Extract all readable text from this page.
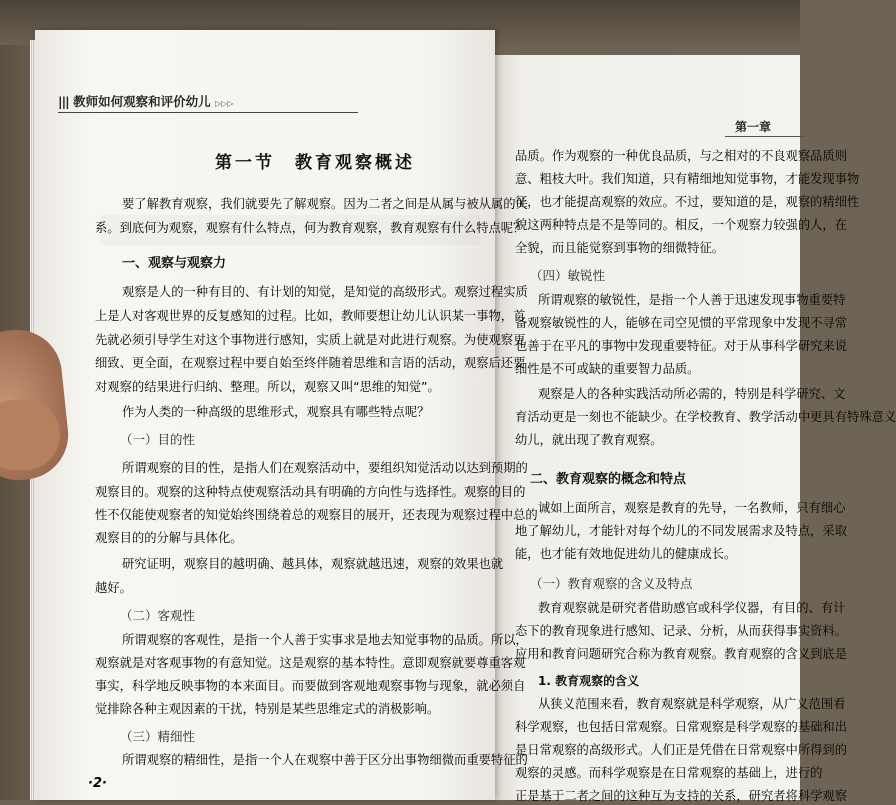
||| 教师如何观察和评价幼儿 ▷▷▷
第一节　教育观察概述
要了解教育观察，我们就要先了解观察。因为二者之间是从属与被从属的关
系。到底何为观察，观察有什么特点，何为教育观察，教育观察有什么特点呢？
一、观察与观察力
观察是人的一种有目的、有计划的知觉，是知觉的高级形式。观察过程实质
上是人对客观世界的反复感知的过程。比如，教师要想让幼儿认识某一事物，首
先就必须引导学生对这个事物进行感知，实质上就是对此进行观察。为使观察更
细致、更全面，在观察过程中要自始至终伴随着思维和言语的活动，观察后还要
对观察的结果进行归纳、整理。所以，观察又叫“思维的知觉”。
作为人类的一种高级的思维形式，观察具有哪些特点呢？
（一）目的性
所谓观察的目的性，是指人们在观察活动中，要组织知觉活动以达到预期的
观察目的。观察的这种特点使观察活动具有明确的方向性与选择性。观察的目的
性不仅能使观察者的知觉始终围绕着总的观察目的展开，还表现为观察过程中总的
观察目的的分解与具体化。
研究证明，观察目的越明确、越具体，观察就越迅速，观察的效果也就
越好。
（二）客观性
所谓观察的客观性，是指一个人善于实事求是地去知觉事物的品质。所以，
观察就是对客观事物的有意知觉。这是观察的基本特性。意即观察就要尊重客观
事实，科学地反映事物的本来面目。而要做到客观地观察事物与现象，就必须自
觉排除各种主观因素的干扰，特别是某些思维定式的消极影响。
（三）精细性
所谓观察的精细性，是指一个人在观察中善于区分出事物细微而重要特征的
·2·
第一章
品质。作为观察的一种优良品质，与之相对的不良观察品质则
意、粗枝大叶。我们知道，只有精细地知觉事物，才能发现事物
征，也才能提高观察的效应。不过，要知道的是，观察的精细性
貌这两种特点是不是等同的。相反，一个观察力较强的人，在
全貌，而且能觉察到事物的细微特征。
（四）敏锐性
所谓观察的敏锐性，是指一个人善于迅速发现事物重要特
备观察敏锐性的人，能够在司空见惯的平常现象中发现不寻常
也善于在平凡的事物中发现重要特征。对于从事科学研究来说
细性是不可或缺的重要智力品质。
观察是人的各种实践活动所必需的，特别是科学研究、文
育活动更是一刻也不能缺少。在学校教育、教学活动中更具有特殊意义
幼儿，就出现了教育观察。
二、教育观察的概念和特点
诚如上面所言，观察是教育的先导，一名教师，只有细心
地了解幼儿，才能针对每个幼儿的不同发展需求及特点，采取
能，也才能有效地促进幼儿的健康成长。
（一）教育观察的含义及特点
教育观察就是研究者借助感官或科学仪器，有目的、有计
态下的教育现象进行感知、记录、分析，从而获得事实资料。
应用和教育问题研究合称为教育观察。教育观察的含义到底是
1. 教育观察的含义
从狭义范围来看，教育观察就是科学观察，从广义范围看
科学观察，也包括日常观察。日常观察是科学观察的基础和出
是日常观察的高级形式。人们正是凭借在日常观察中所得到的
观察的灵感。而科学观察是在日常观察的基础上，进行的
正是基于二者之间的这种互为支持的关系，研究者将科学观察
